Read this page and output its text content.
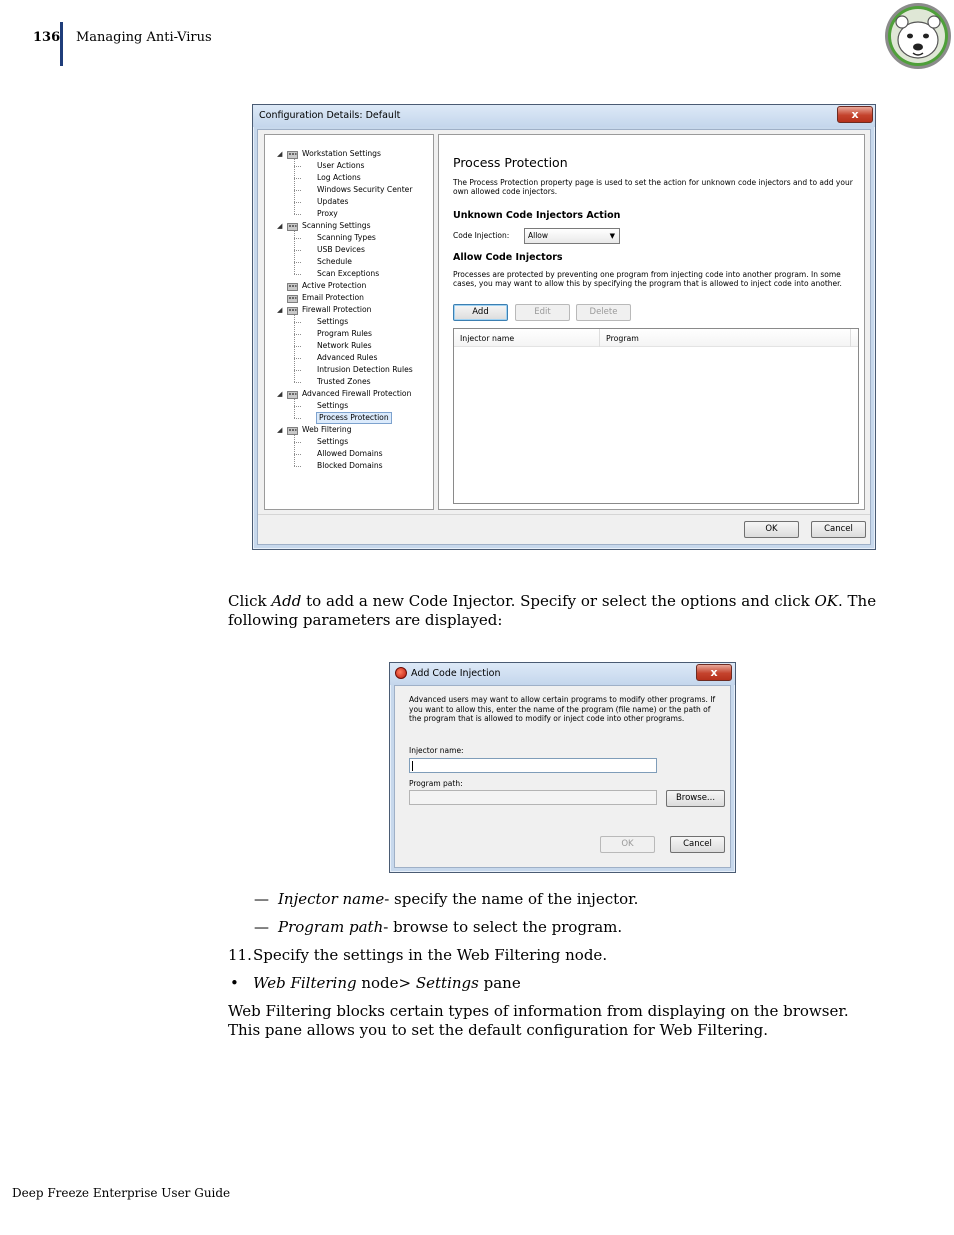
136 Managing Anti-Virus
Configuration Details: Default	x
Workstation Settings
◢
User Actions
Log Actions
Windows Security Center
Updates
Proxy
Scanning Settings
◢
Scanning Types
USB Devices
Schedule
Scan Exceptions
Active Protection
Email Protection
Firewall Protection
◢
Settings
Program Rules
Network Rules
Advanced Rules
Intrusion Detection Rules
Trusted Zones
Advanced Firewall Protection
◢
Settings
Process Protection
Web Filtering
◢
Settings
Allowed Domains
Blocked Domains
Process Protection
The Process Protection property page is used to set the action for unknown code injectors and to add your own allowed code injectors.
Unknown Code Injectors Action
Code Injection:	Allow	▼
Allow Code Injectors
Processes are protected by preventing one program from injecting code into another program. In some cases, you may want to allow this by specifying the program that is allowed to inject code into another.
Add	Edit	Delete
Injector name	Program
OK	Cancel
Click Add to add a new Code Injector. Specify or select the options and click OK. The following parameters are displayed:
Add Code Injection	x
Advanced users may want to allow certain programs to modify other programs. If you want to allow this, enter the name of the program (file name) or the path of the program that is allowed to modify or inject code into other programs.
Injector name:
Program path:
Browse...
OK	Cancel
— Injector name- specify the name of the injector.
— Program path- browse to select the program.
11. Specify the settings in the Web Filtering node.
• Web Filtering node> Settings pane
Web Filtering blocks certain types of information from displaying on the browser. This pane allows you to set the default configuration for Web Filtering.
Deep Freeze Enterprise User Guide
